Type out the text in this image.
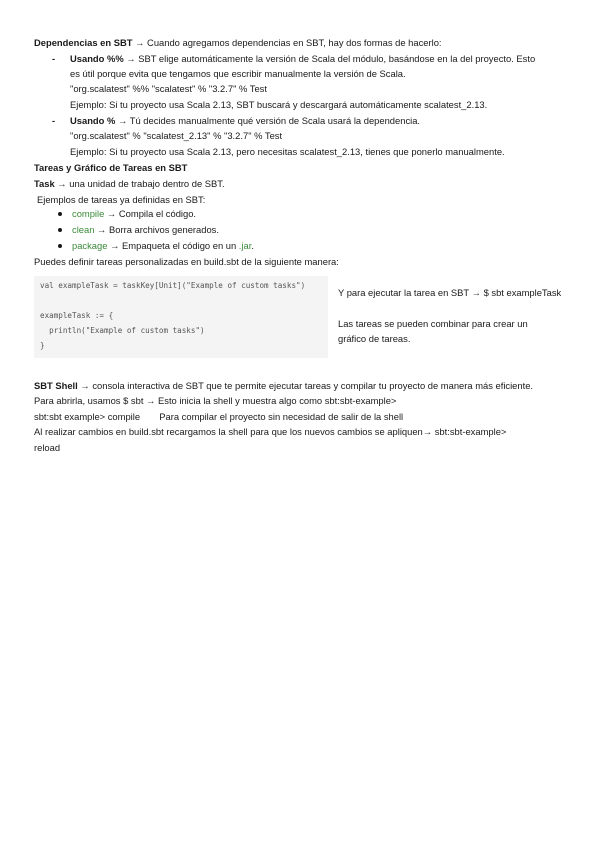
Dependencias en SBT → Cuando agregamos dependencias en SBT, hay dos formas de hacerlo:
- Usando %% → SBT elige automáticamente la versión de Scala del módulo, basándose en la del proyecto. Esto
es útil porque evita que tengamos que escribir manualmente la versión de Scala.
"org.scalatest" %% "scalatest" % "3.2.7" % Test
Ejemplo: Si tu proyecto usa Scala 2.13, SBT buscará y descargará automáticamente scalatest_2.13.
- Usando % → Tú decides manualmente qué versión de Scala usará la dependencia.
"org.scalatest" % "scalatest_2.13" % "3.2.7" % Test
Ejemplo: Si tu proyecto usa Scala 2.13, pero necesitas scalatest_2.13, tienes que ponerlo manualmente.
Tareas y Gráfico de Tareas en SBT
Task → una unidad de trabajo dentro de SBT.
Ejemplos de tareas ya definidas en SBT:
compile → Compila el código.
clean → Borra archivos generados.
package → Empaqueta el código en un .jar.
Puedes definir tareas personalizadas en build.sbt de la siguiente manera:
val exampleTask = taskKey[Unit]("Example of custom tasks")
exampleTask := {
println("Example of custom tasks")
}
Y para ejecutar la tarea en SBT → $ sbt exampleTask
Las tareas se pueden combinar para crear un
gráfico de tareas.
SBT Shell → consola interactiva de SBT que te permite ejecutar tareas y compilar tu proyecto de manera más eficiente.
Para abrirla, usamos $ sbt → Esto inicia la shell y muestra algo como sbt:sbt-example>
sbt:sbt example> compile Para compilar el proyecto sin necesidad de salir de la shell
Al realizar cambios en build.sbt recargamos la shell para que los nuevos cambios se apliquen→ sbt:sbt-example>
reload
